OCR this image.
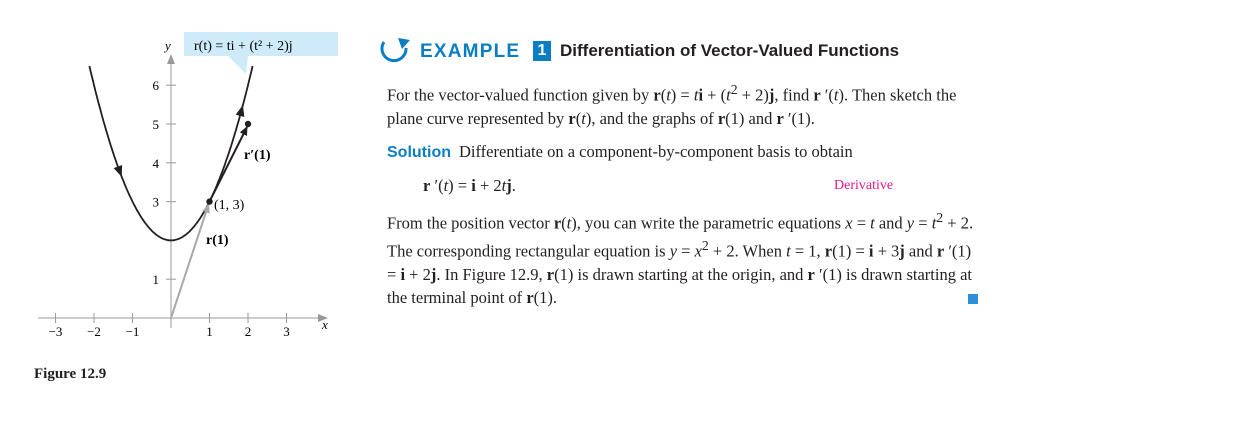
x
y
−3 −2 −1	1 2 3
1
3
4
5
6
(1, 3)
r(1)
r′(1)
r(t) = ti + (t² + 2)j
Figure 12.9
EXAMPLE 1 Differentiation of Vector-Valued Functions

For the vector-valued function given by r(t) = ti + $(t^2 + 2)j$, find r ′(t). Then sketch the plane curve represented by r(t), and the graphs of r(1) and r ′(1).

Solution Differentiate on a component-by-component basis to obtain

r ′(t) = i + 2tj.	Derivative

From the position vector r(t), you can write the parametric equations x = t and $y = t^2 + 2$. The corresponding rectangular equation is $y = x^2 + 2$. When t = 1, r(1) = i + 3j and r ′(1) = i + 2j. In Figure 12.9, r(1) is drawn starting at the origin, and r ′(1) is drawn starting at the terminal point of r(1).
